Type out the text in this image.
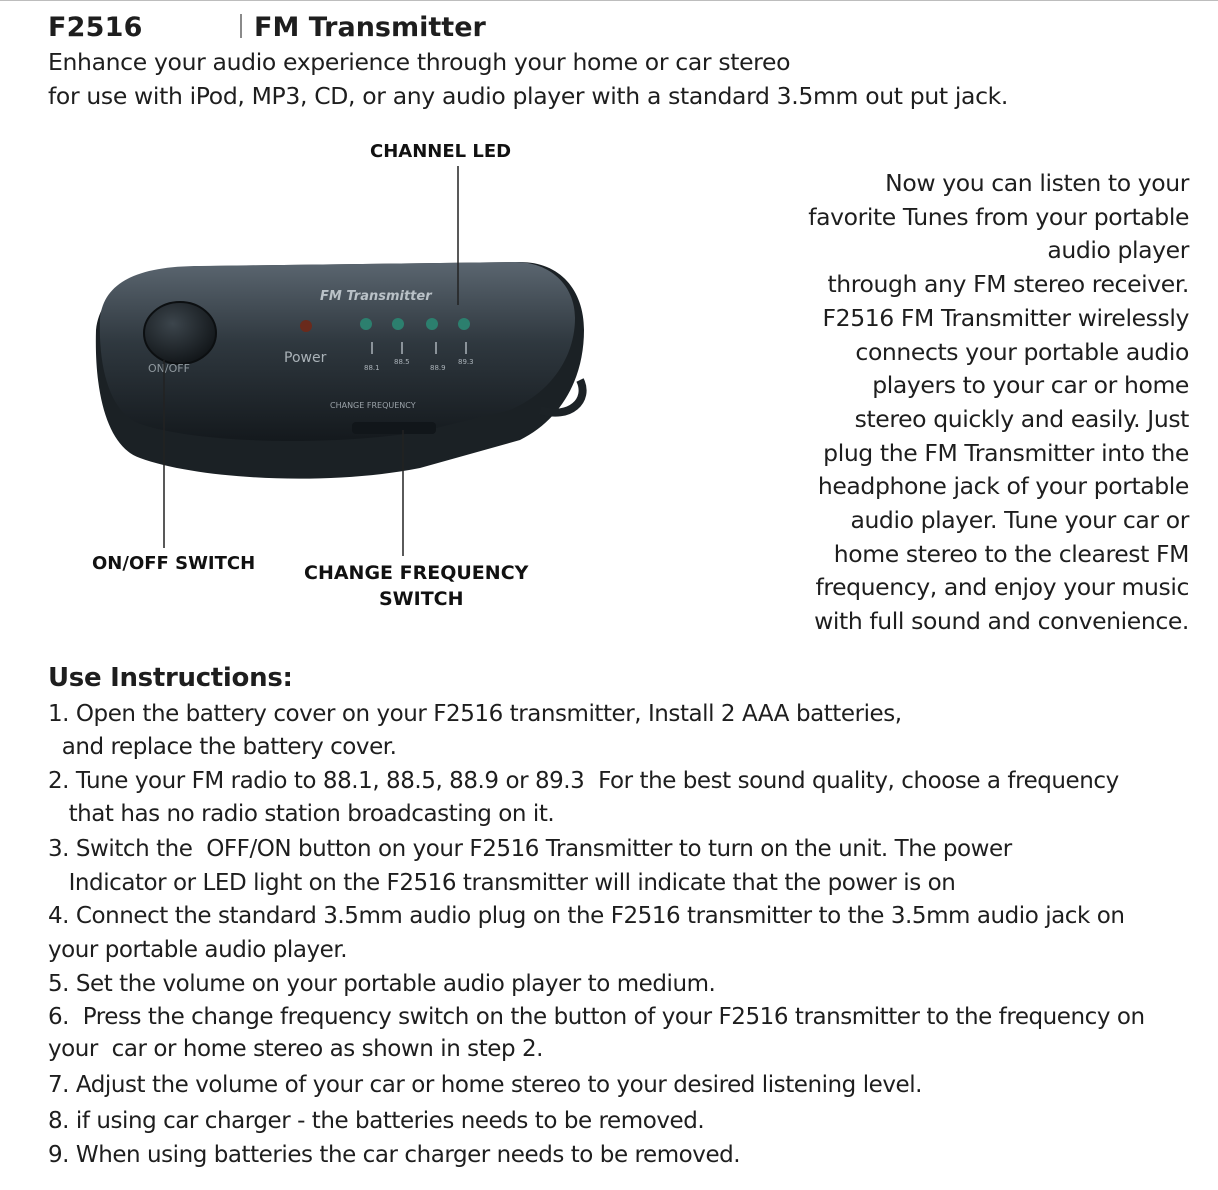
F2516	FM Transmitter
Enhance your audio experience through your home or car stereo
for use with iPod, MP3, CD, or any audio player with a standard 3.5mm out put jack.
CHANNEL LED
FM Transmitter
Power
ON/OFF
CHANGE FREQUENCY
88.1
88.5
88.9
89.3
ON/OFF SWITCH	CHANGE FREQUENCY
SWITCH
Now you can listen to your
favorite Tunes from your portable
audio player
through any FM stereo receiver.
F2516 FM Transmitter wirelessly
connects your portable audio
players to your car or home
stereo quickly and easily. Just
plug the FM Transmitter into the
headphone jack of your portable
audio player. Tune your car or
home stereo to the clearest FM
frequency, and enjoy your music
with full sound and convenience.
Use Instructions:
1. Open the battery cover on your F2516 transmitter, Install 2 AAA batteries,
and replace the battery cover.
2. Tune your FM radio to 88.1, 88.5, 88.9 or 89.3  For the best sound quality, choose a frequency
that has no radio station broadcasting on it.
3. Switch the  OFF/ON button on your F2516 Transmitter to turn on the unit. The power
Indicator or LED light on the F2516 transmitter will indicate that the power is on
4. Connect the standard 3.5mm audio plug on the F2516 transmitter to the 3.5mm audio jack on
your portable audio player.
5. Set the volume on your portable audio player to medium.
6.  Press the change frequency switch on the button of your F2516 transmitter to the frequency on
your  car or home stereo as shown in step 2.
7. Adjust the volume of your car or home stereo to your desired listening level.
8. if using car charger - the batteries needs to be removed.
9. When using batteries the car charger needs to be removed.
